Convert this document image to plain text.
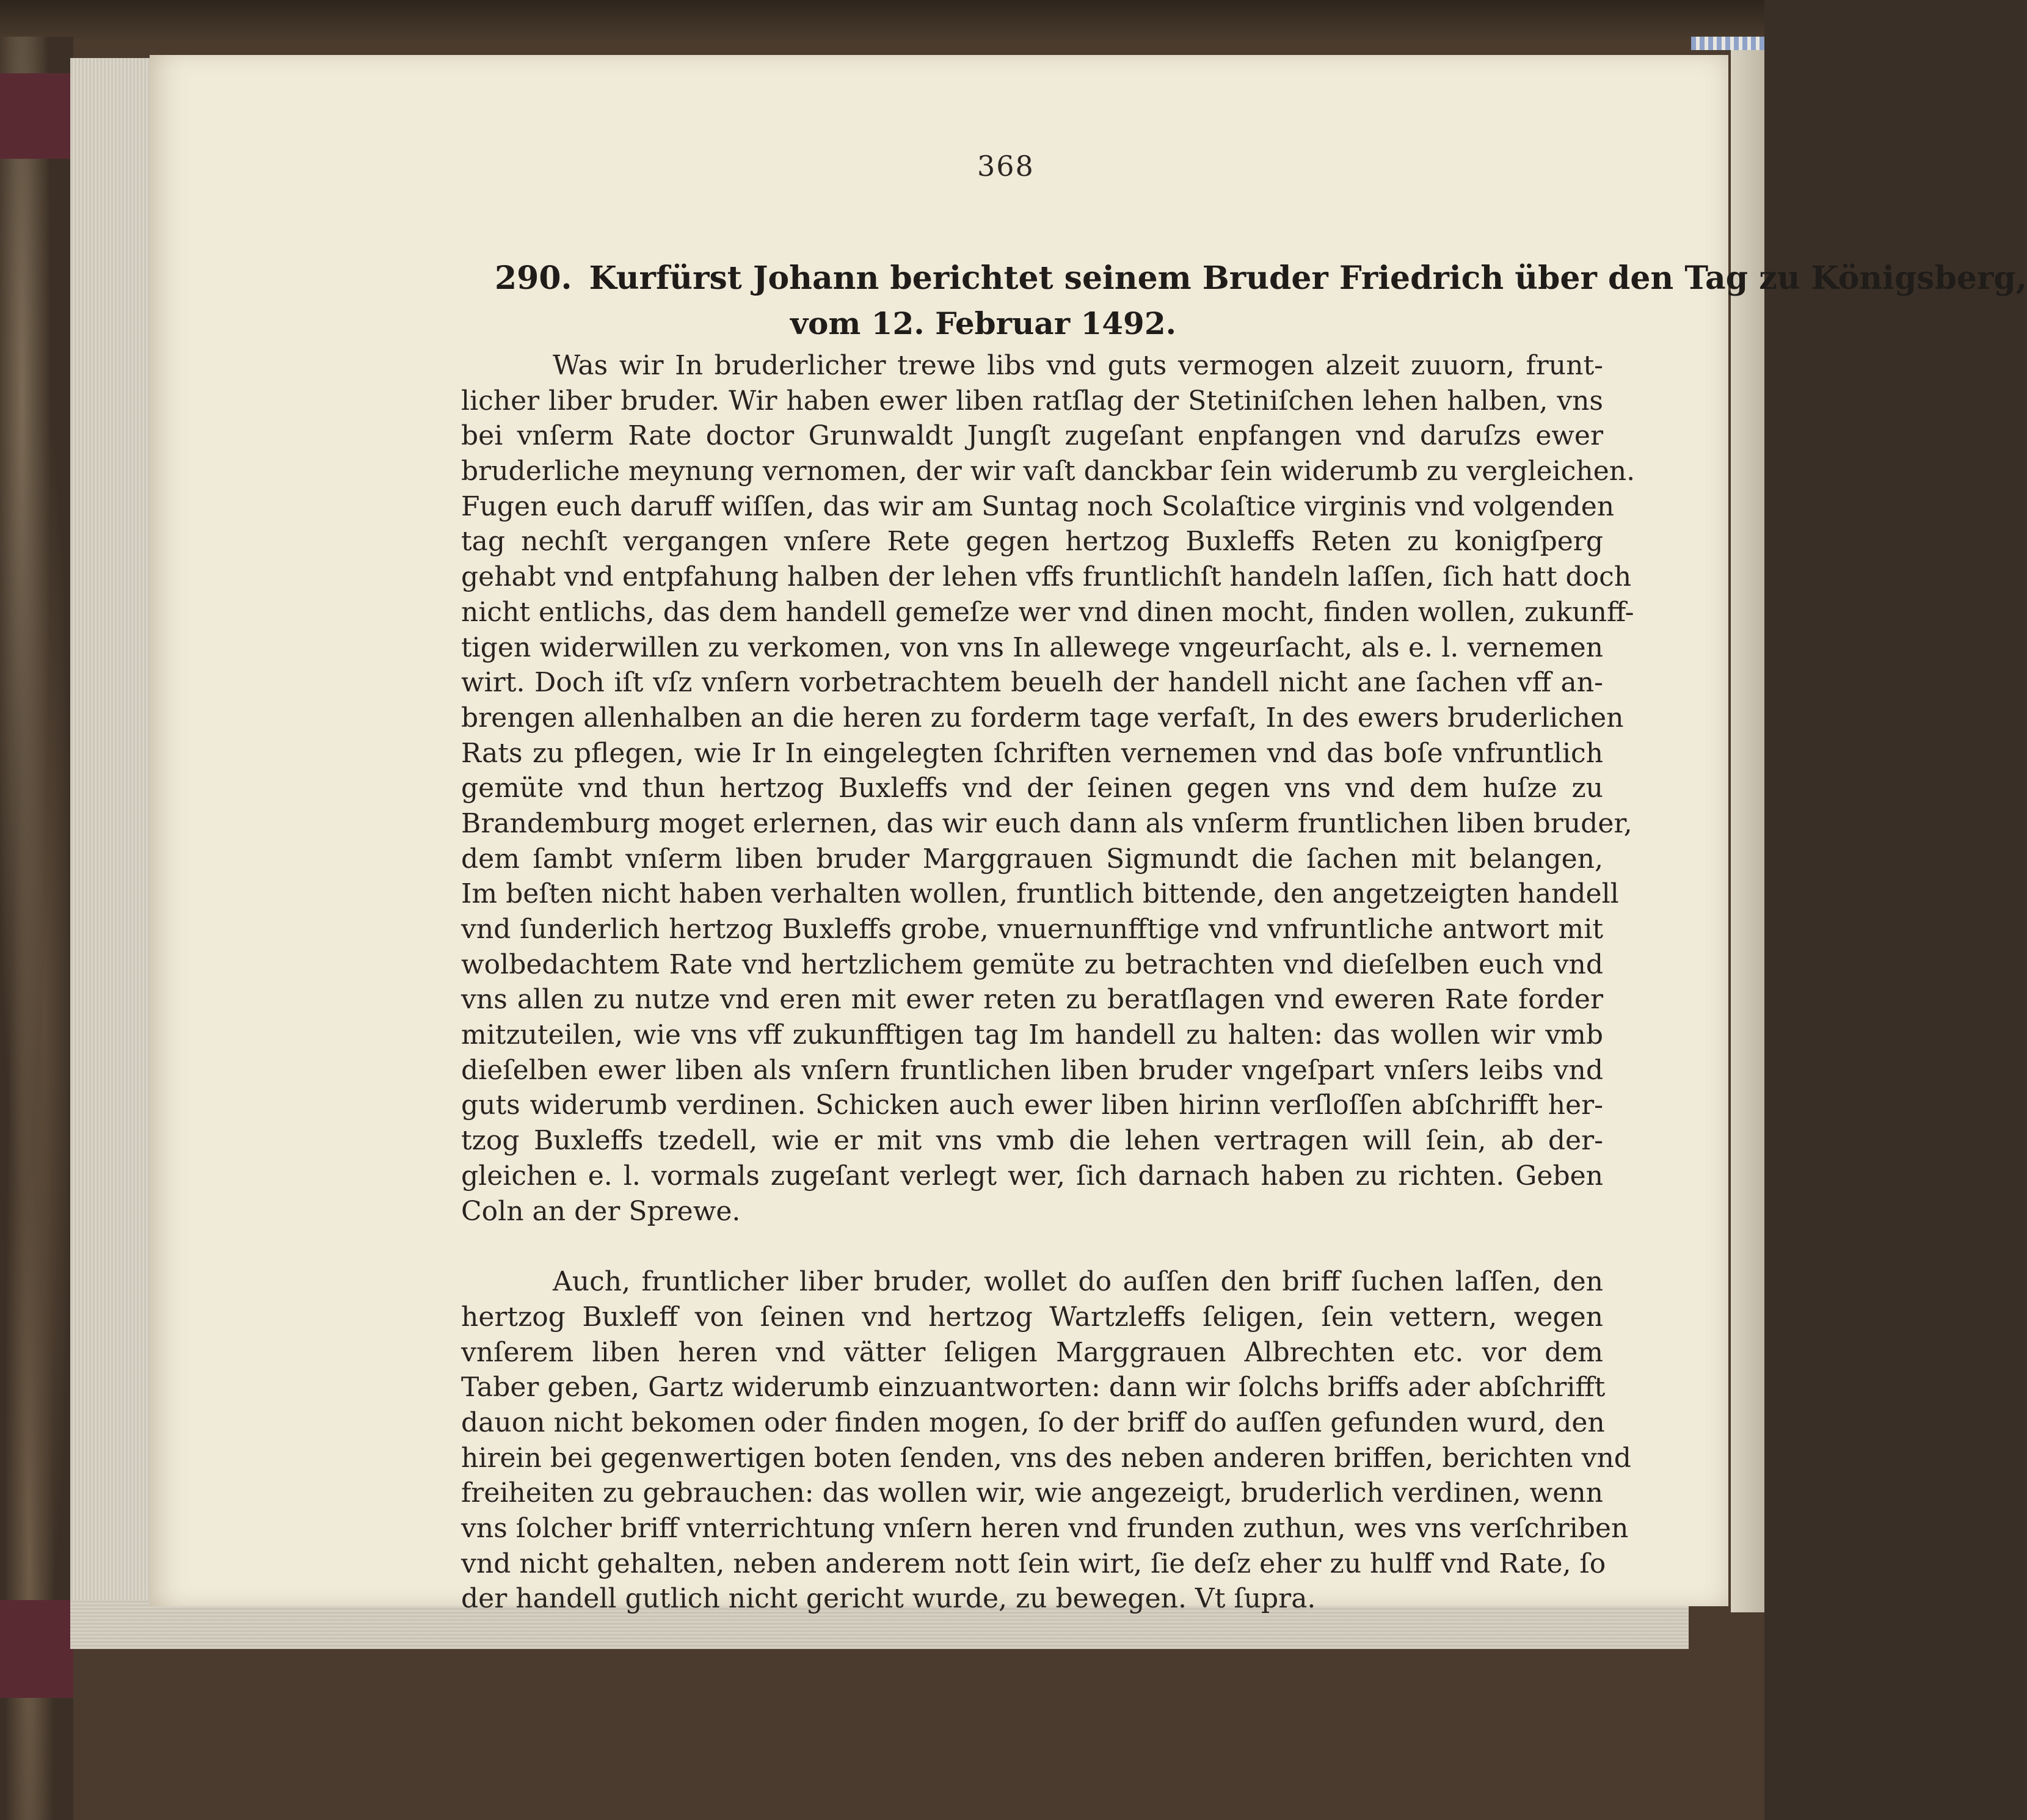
368
290. Kurfürst Johann berichtet seinem Bruder Friedrich über den Tag zu Königsberg,
vom 12. Februar 1492.
Was wir In bruderlicher trewe libs vnd guts vermogen alzeit zuuorn, frunt-
licher liber bruder. Wir haben ewer liben ratſlag der Stetiniſchen lehen halben, vns
bei vnſerm Rate doctor Grunwaldt Jungſt zugeſant enpfangen vnd daruſzs ewer
bruderliche meynung vernomen, der wir vaſt danckbar ſein widerumb zu vergleichen.
Fugen euch daruff wiſſen, das wir am Suntag noch Scolaſtice virginis vnd volgenden
tag nechſt vergangen vnſere Rete gegen hertzog Buxleffs Reten zu konigſperg
gehabt vnd entpfahung halben der lehen vffs fruntlichſt handeln laſſen, ſich hatt doch
nicht entlichs, das dem handell gemeſze wer vnd dinen mocht, finden wollen, zukunff-
tigen widerwillen zu verkomen, von vns In allewege vngeurſacht, als e. l. vernemen
wirt. Doch iſt vſz vnſern vorbetrachtem beuelh der handell nicht ane ſachen vff an-
brengen allenhalben an die heren zu forderm tage verfaſt, In des ewers bruderlichen
Rats zu pflegen, wie Ir In eingelegten ſchriften vernemen vnd das boſe vnfruntlich
gemüte vnd thun hertzog Buxleffs vnd der ſeinen gegen vns vnd dem huſze zu
Brandemburg moget erlernen, das wir euch dann als vnſerm fruntlichen liben bruder,
dem ſambt vnſerm liben bruder Marggrauen Sigmundt die ſachen mit belangen,
Im beſten nicht haben verhalten wollen, fruntlich bittende, den angetzeigten handell
vnd ſunderlich hertzog Buxleffs grobe, vnuernunfftige vnd vnfruntliche antwort mit
wolbedachtem Rate vnd hertzlichem gemüte zu betrachten vnd dieſelben euch vnd
vns allen zu nutze vnd eren mit ewer reten zu beratſlagen vnd eweren Rate forder
mitzuteilen, wie vns vff zukunfftigen tag Im handell zu halten: das wollen wir vmb
dieſelben ewer liben als vnſern fruntlichen liben bruder vngeſpart vnſers leibs vnd
guts widerumb verdinen. Schicken auch ewer liben hirinn verſloſſen abſchrifft her-
tzog Buxleffs tzedell, wie er mit vns vmb die lehen vertragen will ſein, ab der-
gleichen e. l. vormals zugeſant verlegt wer, ſich darnach haben zu richten. Geben
Coln an der Sprewe.
Auch, fruntlicher liber bruder, wollet do auſſen den briff ſuchen laſſen, den
hertzog Buxleff von ſeinen vnd hertzog Wartzleffs ſeligen, ſein vettern, wegen
vnſerem liben heren vnd vätter ſeligen Marggrauen Albrechten etc. vor dem
Taber geben, Gartz widerumb einzuantworten: dann wir ſolchs briffs ader abſchrifft
dauon nicht bekomen oder finden mogen, ſo der briff do auſſen gefunden wurd, den
hirein bei gegenwertigen boten ſenden, vns des neben anderen briffen, berichten vnd
freiheiten zu gebrauchen: das wollen wir, wie angezeigt, bruderlich verdinen, wenn
vns ſolcher briff vnterrichtung vnſern heren vnd frunden zuthun, wes vns verſchriben
vnd nicht gehalten, neben anderem nott ſein wirt, ſie deſz eher zu hulff vnd Rate, ſo
der handell gutlich nicht gericht wurde, zu bewegen. Vt ſupra.
